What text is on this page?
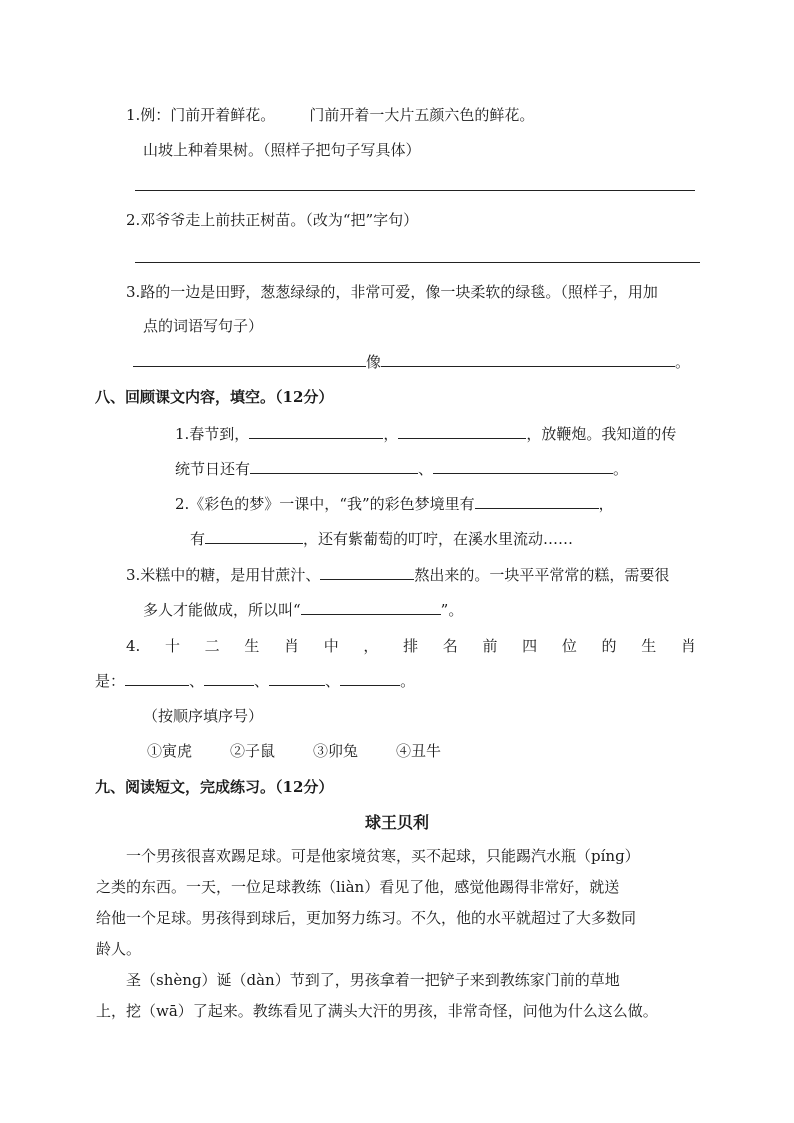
1.例：门前开着鲜花。 门前开着一大片五颜六色的鲜花。
山坡上种着果树。（照样子把句子写具体）
2.邓爷爷走上前扶正树苗。（改为“把”字句）
3.路的一边是田野，葱葱绿绿的，非常可爱，像一块柔软的绿毯。（照样子，用加
点的词语写句子）
像	。
八、回顾课文内容，填空。（12分）
1.春节到，	，	，放鞭炮。我知道的传
统节日还有	、	。
2.《彩色的梦》一课中，“我”的彩色梦境里有	，
有	，还有紫葡萄的叮咛，在溪水里流动……
3.米糕中的糖，是用甘蔗汁、	熬出来的。一块平平常常的糕，需要很
多人才能做成，所以叫“	”。
4. 十 二 生 肖 中 ， 排 名 前 四 位 的 生 肖
是：	、	、	、	。
（按顺序填序号）
①寅虎	②子鼠	③卯兔	④丑牛
九、阅读短文，完成练习。（12分）
球王贝利
一个男孩很喜欢踢足球。可是他家境贫寒，买不起球，只能踢汽水瓶（pínɡ）
之类的东西。一天，一位足球教练（liàn）看见了他，感觉他踢得非常好，就送
给他一个足球。男孩得到球后，更加努力练习。不久，他的水平就超过了大多数同
龄人。
圣（shènɡ）诞（dàn）节到了，男孩拿着一把铲子来到教练家门前的草地
上，挖（wā）了起来。教练看见了满头大汗的男孩，非常奇怪，问他为什么这么做。
